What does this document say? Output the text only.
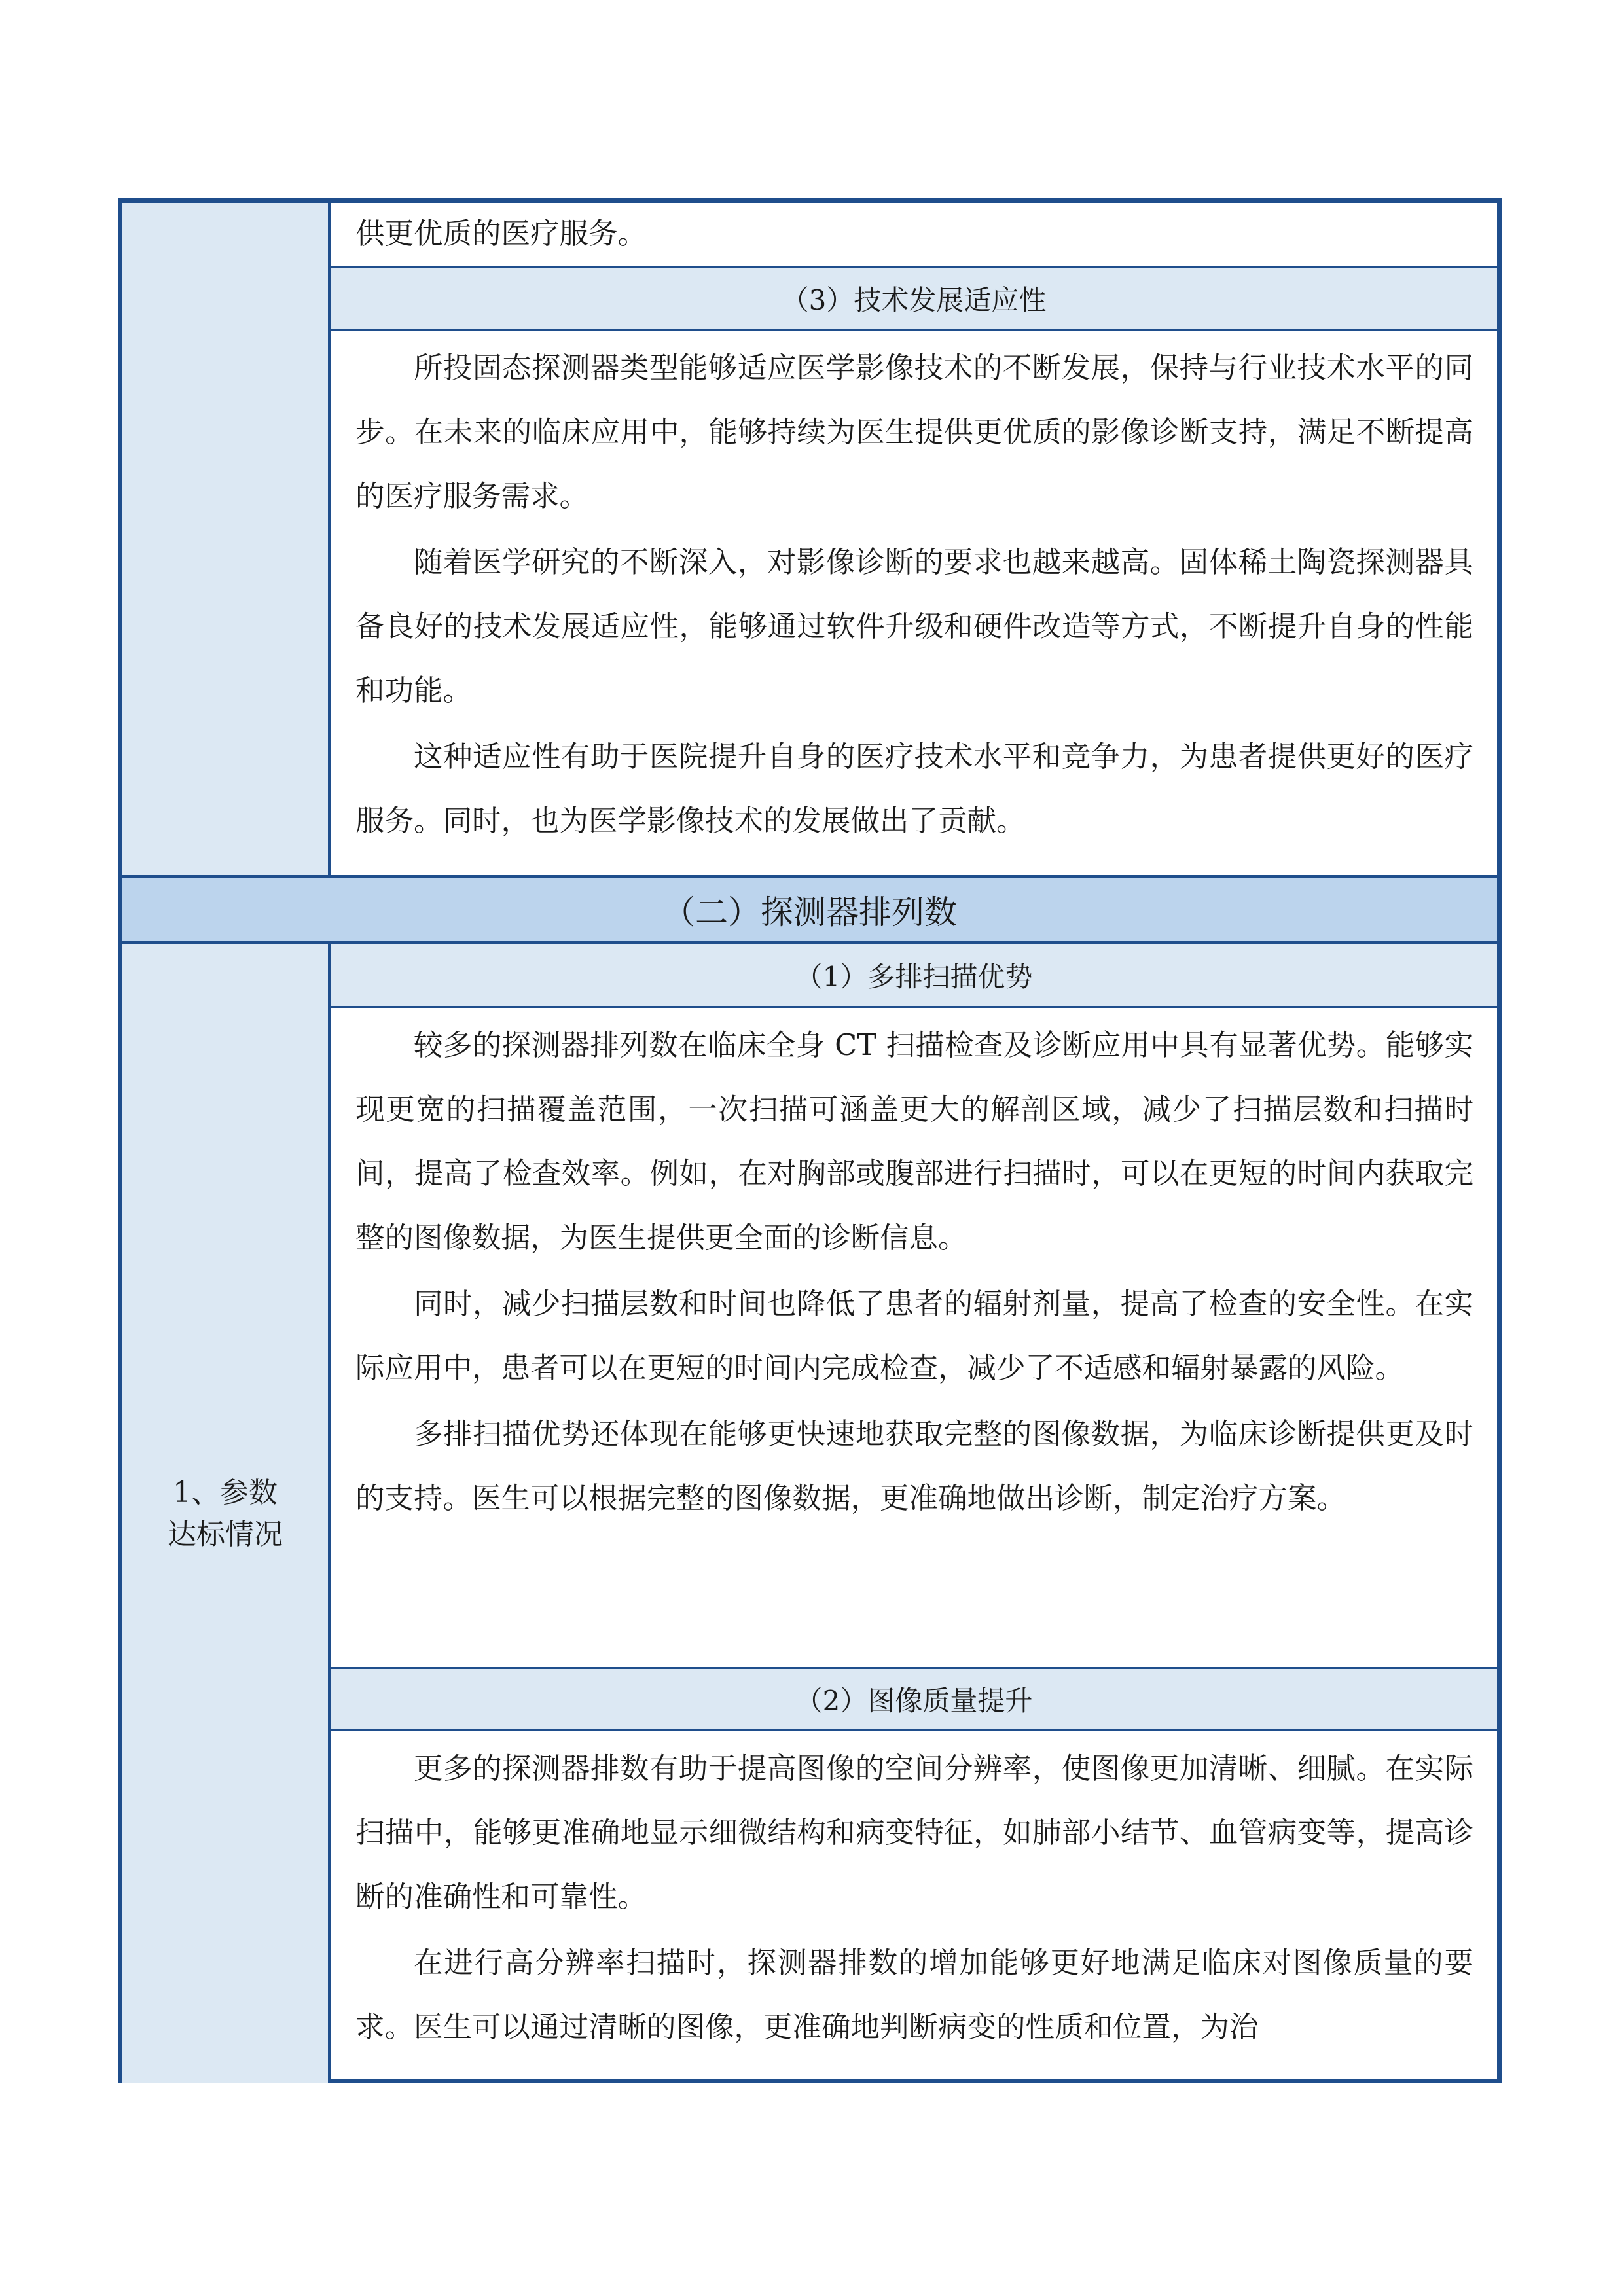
供更优质的医疗服务。

（3）技术发展适应性

所投固态探测器类型能够适应医学影像技术的不断发展，保持与行业技术水平的同步。在未来的临床应用中，能够持续为医生提供更优质的影像诊断支持，满足不断提高的医疗服务需求。

随着医学研究的不断深入，对影像诊断的要求也越来越高。固体稀土陶瓷探测器具备良好的技术发展适应性，能够通过软件升级和硬件改造等方式，不断提升自身的性能和功能。

这种适应性有助于医院提升自身的医疗技术水平和竞争力，为患者提供更好的医疗服务。同时，也为医学影像技术的发展做出了贡献。

（二）探测器排列数
1、参数达标情况
（1）多排扫描优势

较多的探测器排列数在临床全身 CT 扫描检查及诊断应用中具有显著优势。能够实现更宽的扫描覆盖范围，一次扫描可涵盖更大的解剖区域，减少了扫描层数和扫描时间，提高了检查效率。例如，在对胸部或腹部进行扫描时，可以在更短的时间内获取完整的图像数据，为医生提供更全面的诊断信息。

同时，减少扫描层数和时间也降低了患者的辐射剂量，提高了检查的安全性。在实际应用中，患者可以在更短的时间内完成检查，减少了不适感和辐射暴露的风险。

多排扫描优势还体现在能够更快速地获取完整的图像数据，为临床诊断提供更及时的支持。医生可以根据完整的图像数据，更准确地做出诊断，制定治疗方案。

（2）图像质量提升

更多的探测器排数有助于提高图像的空间分辨率，使图像更加清晰、细腻。在实际扫描中，能够更准确地显示细微结构和病变特征，如肺部小结节、血管病变等，提高诊断的准确性和可靠性。

在进行高分辨率扫描时，探测器排数的增加能够更好地满足临床对图像质量的要求。医生可以通过清晰的图像，更准确地判断病变的性质和位置，为治
